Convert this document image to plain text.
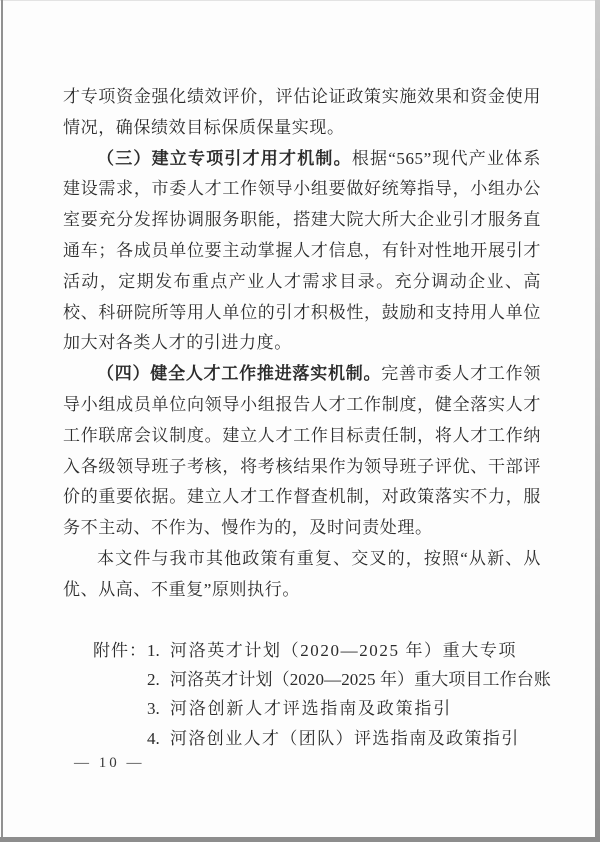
才专项资金强化绩效评价，评估论证政策实施效果和资金使用情况，确保绩效目标保质保量实现。

（三）建立专项引才用才机制。根据“565”现代产业体系建设需求，市委人才工作领导小组要做好统筹指导，小组办公室要充分发挥协调服务职能，搭建大院大所大企业引才服务直通车；各成员单位要主动掌握人才信息，有针对性地开展引才活动，定期发布重点产业人才需求目录。充分调动企业、高校、科研院所等用人单位的引才积极性，鼓励和支持用人单位加大对各类人才的引进力度。

（四）健全人才工作推进落实机制。完善市委人才工作领导小组成员单位向领导小组报告人才工作制度，健全落实人才工作联席会议制度。建立人才工作目标责任制，将人才工作纳入各级领导班子考核，将考核结果作为领导班子评优、干部评价的重要依据。建立人才工作督查机制，对政策落实不力，服务不主动、不作为、慢作为的，及时问责处理。

本文件与我市其他政策有重复、交叉的，按照“从新、从优、从高、不重复”原则执行。

附件： 1. 河洛英才计划（2020—2025 年）重大专项
2. 河洛英才计划（2020—2025 年）重大项目工作台账
3. 河洛创新人才评选指南及政策指引
4. 河洛创业人才（团队）评选指南及政策指引
— 10 —
